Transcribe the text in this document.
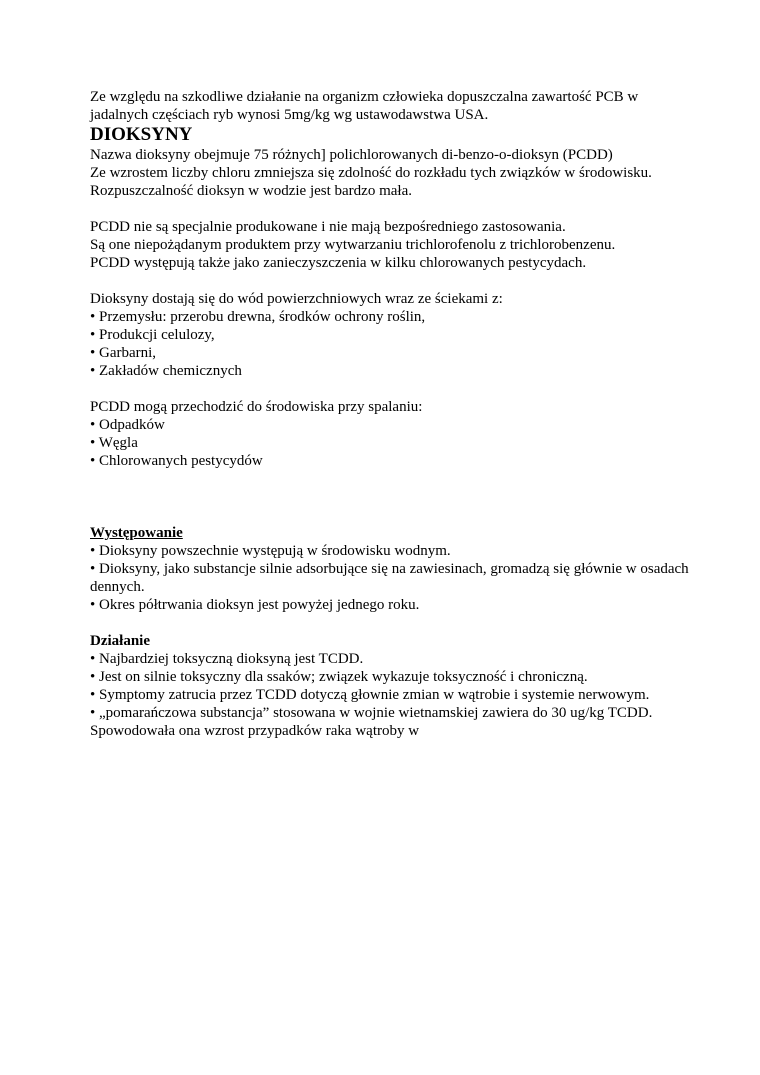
Ze względu na szkodliwe działanie na organizm człowieka dopuszczalna zawartość PCB w jadalnych częściach ryb wynosi 5mg/kg wg ustawodawstwa USA.

DIOKSYNY

Nazwa dioksyny obejmuje 75 różnych] polichlorowanych di-benzo-o-dioksyn (PCDD)
Ze wzrostem liczby chloru zmniejsza się zdolność do rozkładu tych związków w środowisku.
Rozpuszczalność dioksyn w wodzie jest bardzo mała.
PCDD nie są specjalnie produkowane i nie mają bezpośredniego zastosowania.
Są one niepożądanym produktem przy wytwarzaniu trichlorofenolu z trichlorobenzenu.
PCDD występują także jako zanieczyszczenia w kilku chlorowanych pestycydach.
Dioksyny dostają się do wód powierzchniowych wraz ze ściekami z:
• Przemysłu: przerobu drewna, środków ochrony roślin,
• Produkcji celulozy,
• Garbarni,
• Zakładów chemicznych
PCDD mogą przechodzić do środowiska przy spalaniu:
• Odpadków
• Węgla
• Chlorowanych pestycydów
Występowanie
• Dioksyny powszechnie występują w środowisku wodnym.
• Dioksyny, jako substancje silnie adsorbujące się na zawiesinach, gromadzą się głównie w osadach dennych.
• Okres półtrwania dioksyn jest powyżej jednego roku.
Działanie
• Najbardziej toksyczną dioksyną jest TCDD.
• Jest on silnie toksyczny dla ssaków; związek wykazuje toksyczność i chroniczną.
• Symptomy zatrucia przez TCDD dotyczą głownie zmian w wątrobie i systemie nerwowym.
• „pomarańczowa substancja” stosowana w wojnie wietnamskiej zawiera do 30 ug/kg TCDD.
Spowodowała ona wzrost przypadków raka wątroby w
